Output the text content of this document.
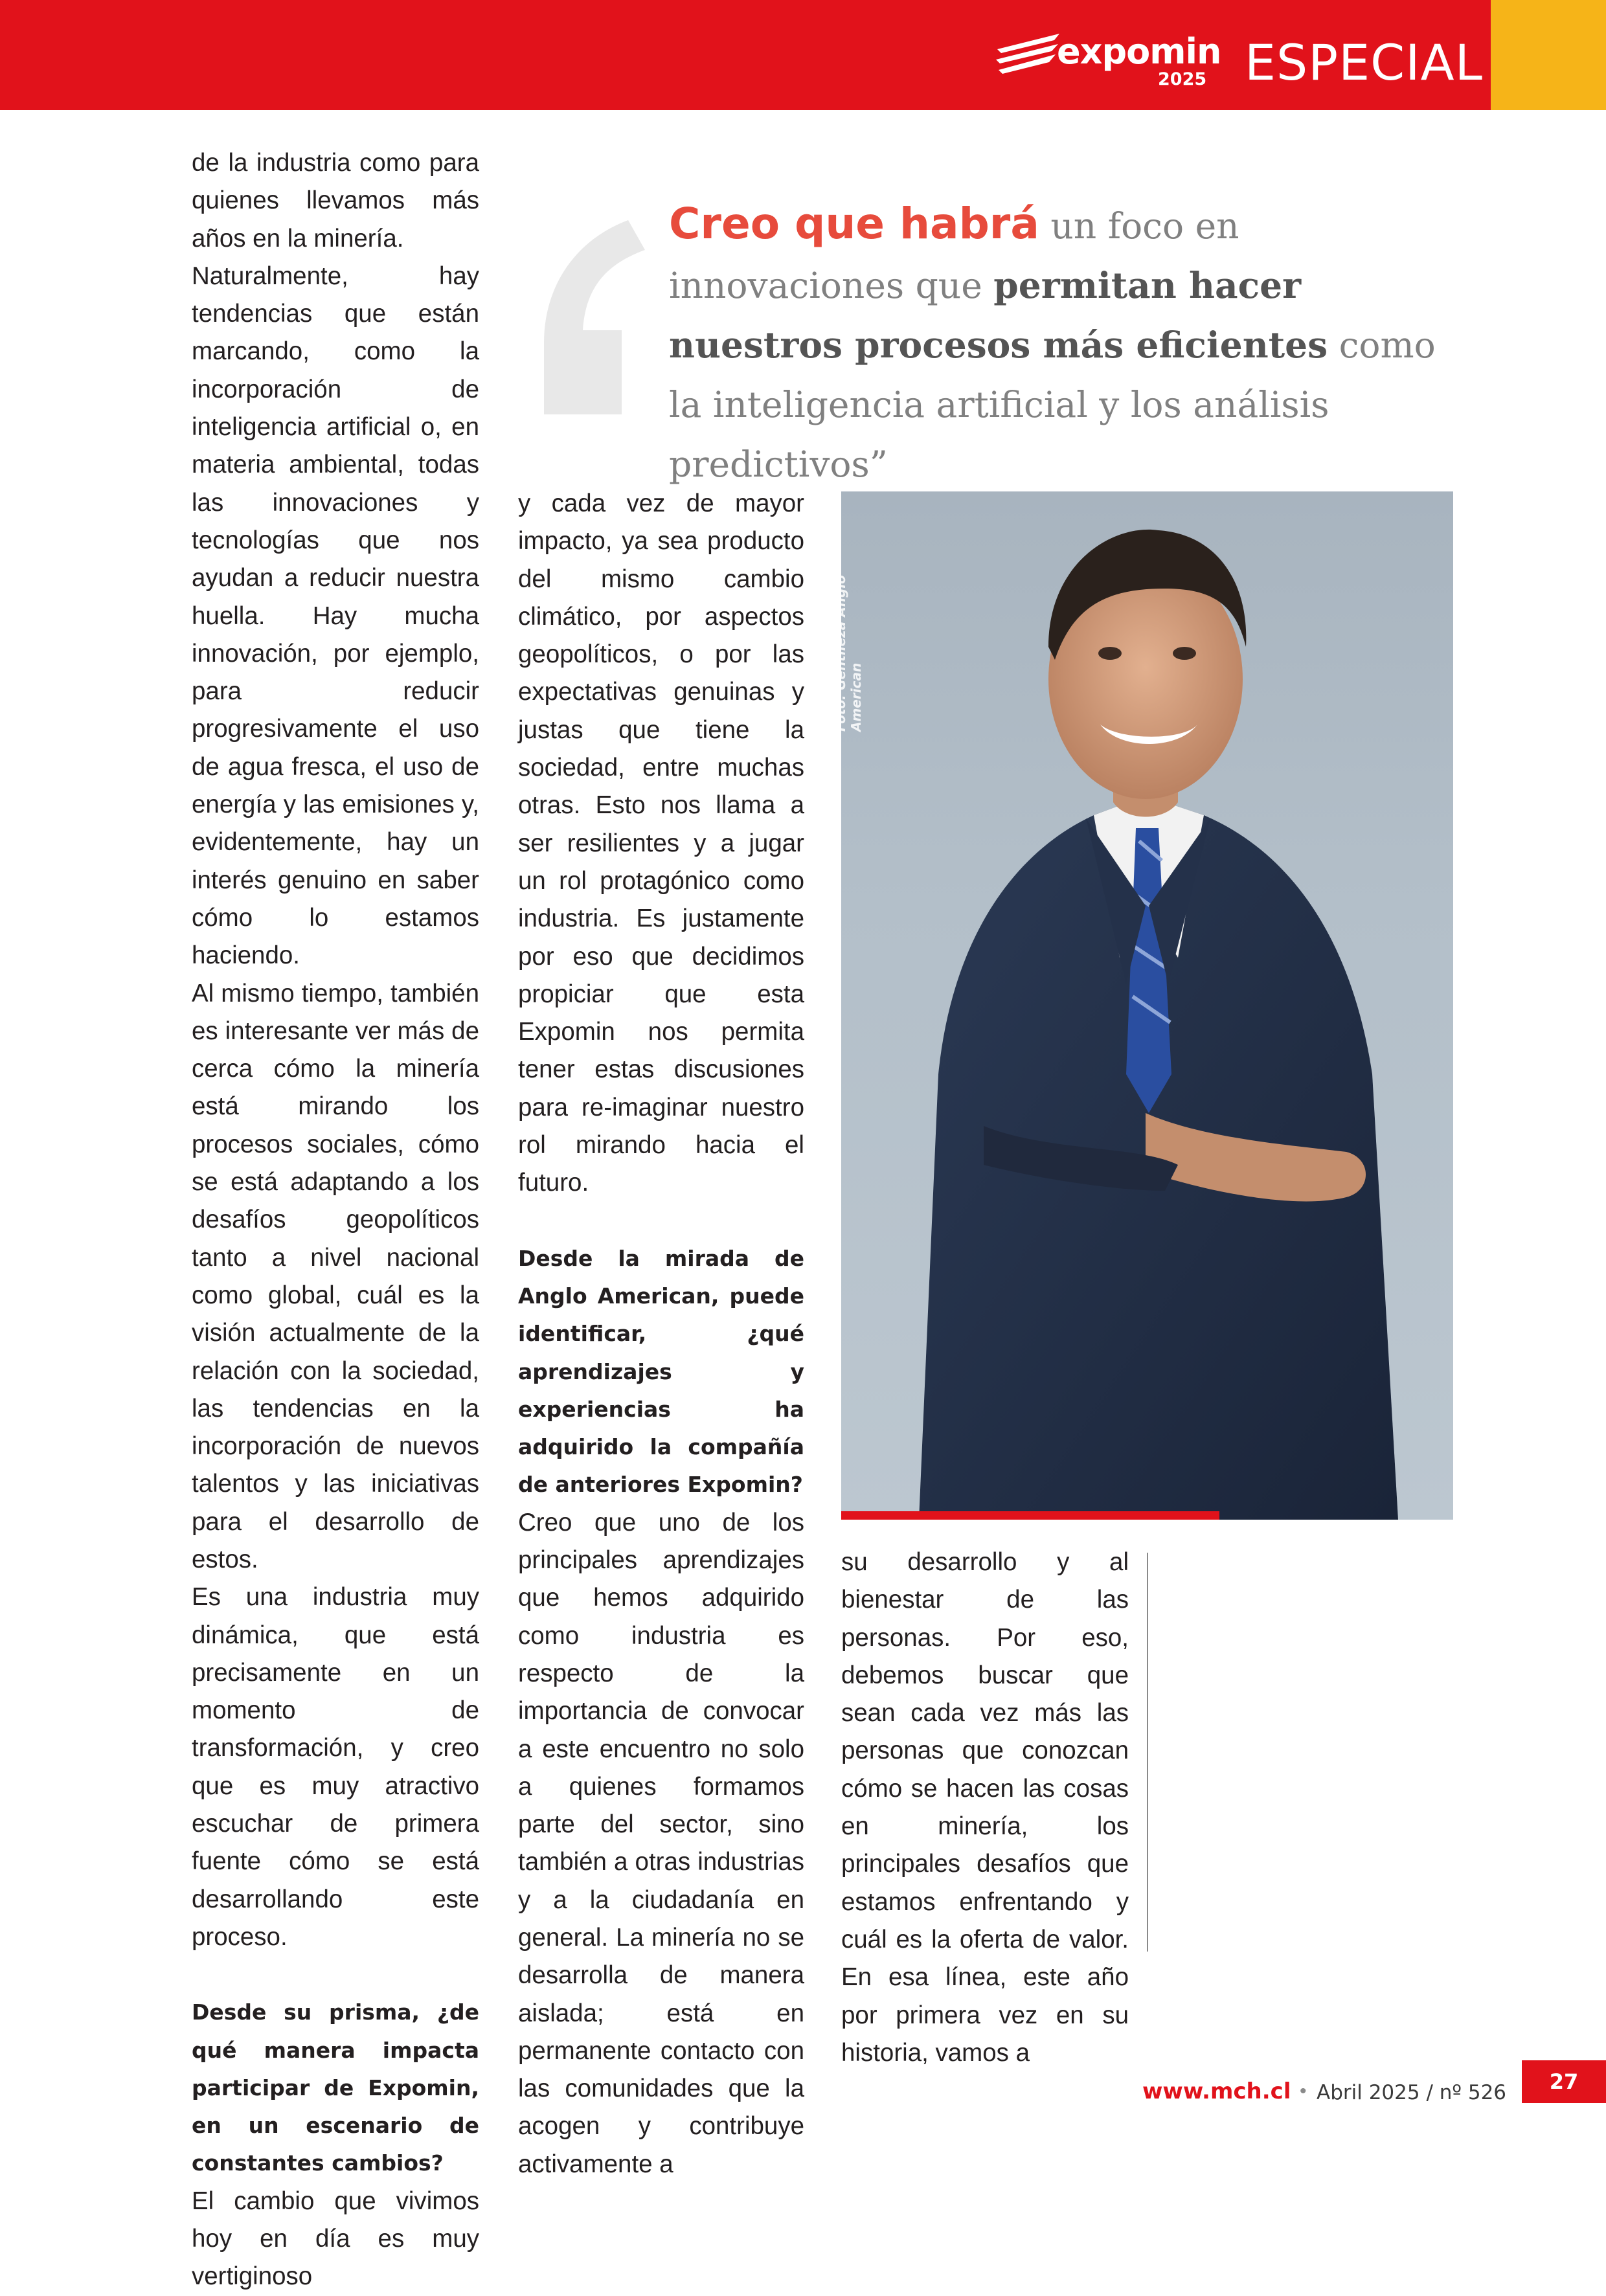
expomin
2025 ESPECIAL

de la industria como para quienes llevamos más años en la minería.

Naturalmente, hay tendencias que están marcando, como la incorporación de inteligencia artificial o, en materia ambiental, todas las innovaciones y tecnologías que nos ayudan a reducir nuestra huella. Hay mucha innovación, por ejemplo, para reducir progresivamente el uso de agua fresca, el uso de energía y las emisiones y, evidentemente, hay un interés genuino en saber cómo lo estamos haciendo.

Al mismo tiempo, también es interesante ver más de cerca cómo la minería está mirando los procesos sociales, cómo se está adaptando a los desafíos geopolíticos tanto a nivel nacional como global, cuál es la visión actualmente de la relación con la sociedad, las tendencias en la incorporación de nuevos talentos y las iniciativas para el desarrollo de estos.

Es una industria muy dinámica, que está precisamente en un momento de transformación, y creo que es muy atractivo escuchar de primera fuente cómo se está desarrollando este proceso.

Desde su prisma, ¿de qué manera impacta participar de Expomin, en un escenario de constantes cambios?

El cambio que vivimos hoy en día es muy vertiginoso

Creo que habrá un foco en innovaciones que permitan hacer nuestros procesos más eficientes como la inteligencia artificial y los análisis predictivos”

y cada vez de mayor impacto, ya sea producto del mismo cambio climático, por aspectos geopolíticos, o por las expectativas genuinas y justas que tiene la sociedad, entre muchas otras. Esto nos llama a ser resilientes y a jugar un rol protagónico como industria. Es justamente por eso que decidimos propiciar que esta Expomin nos permita tener estas discusiones para re-imaginar nuestro rol mirando hacia el futuro.

Desde la mirada de Anglo American, puede identificar, ¿qué aprendizajes y experiencias ha adquirido la compañía de anteriores Expomin?

Creo que uno de los principales aprendizajes que hemos adquirido como industria es respecto de la importancia de convocar a este encuentro no solo a quienes formamos parte del sector, sino también a otras industrias y a la ciudadanía en general. La minería no se desarrolla de manera aislada; está en permanente contacto con las comunidades que la acogen y contribuye activamente a

Foto: Gentileza Anglo American

su desarrollo y al bienestar de las personas. Por eso, debemos buscar que sean cada vez más las personas que conozcan cómo se hacen las cosas en minería, los principales desafíos que estamos enfrentando y cuál es la oferta de valor. En esa línea, este año por primera vez en su historia, vamos a

www.mch.cl • Abril 2025 / nº 526	27
